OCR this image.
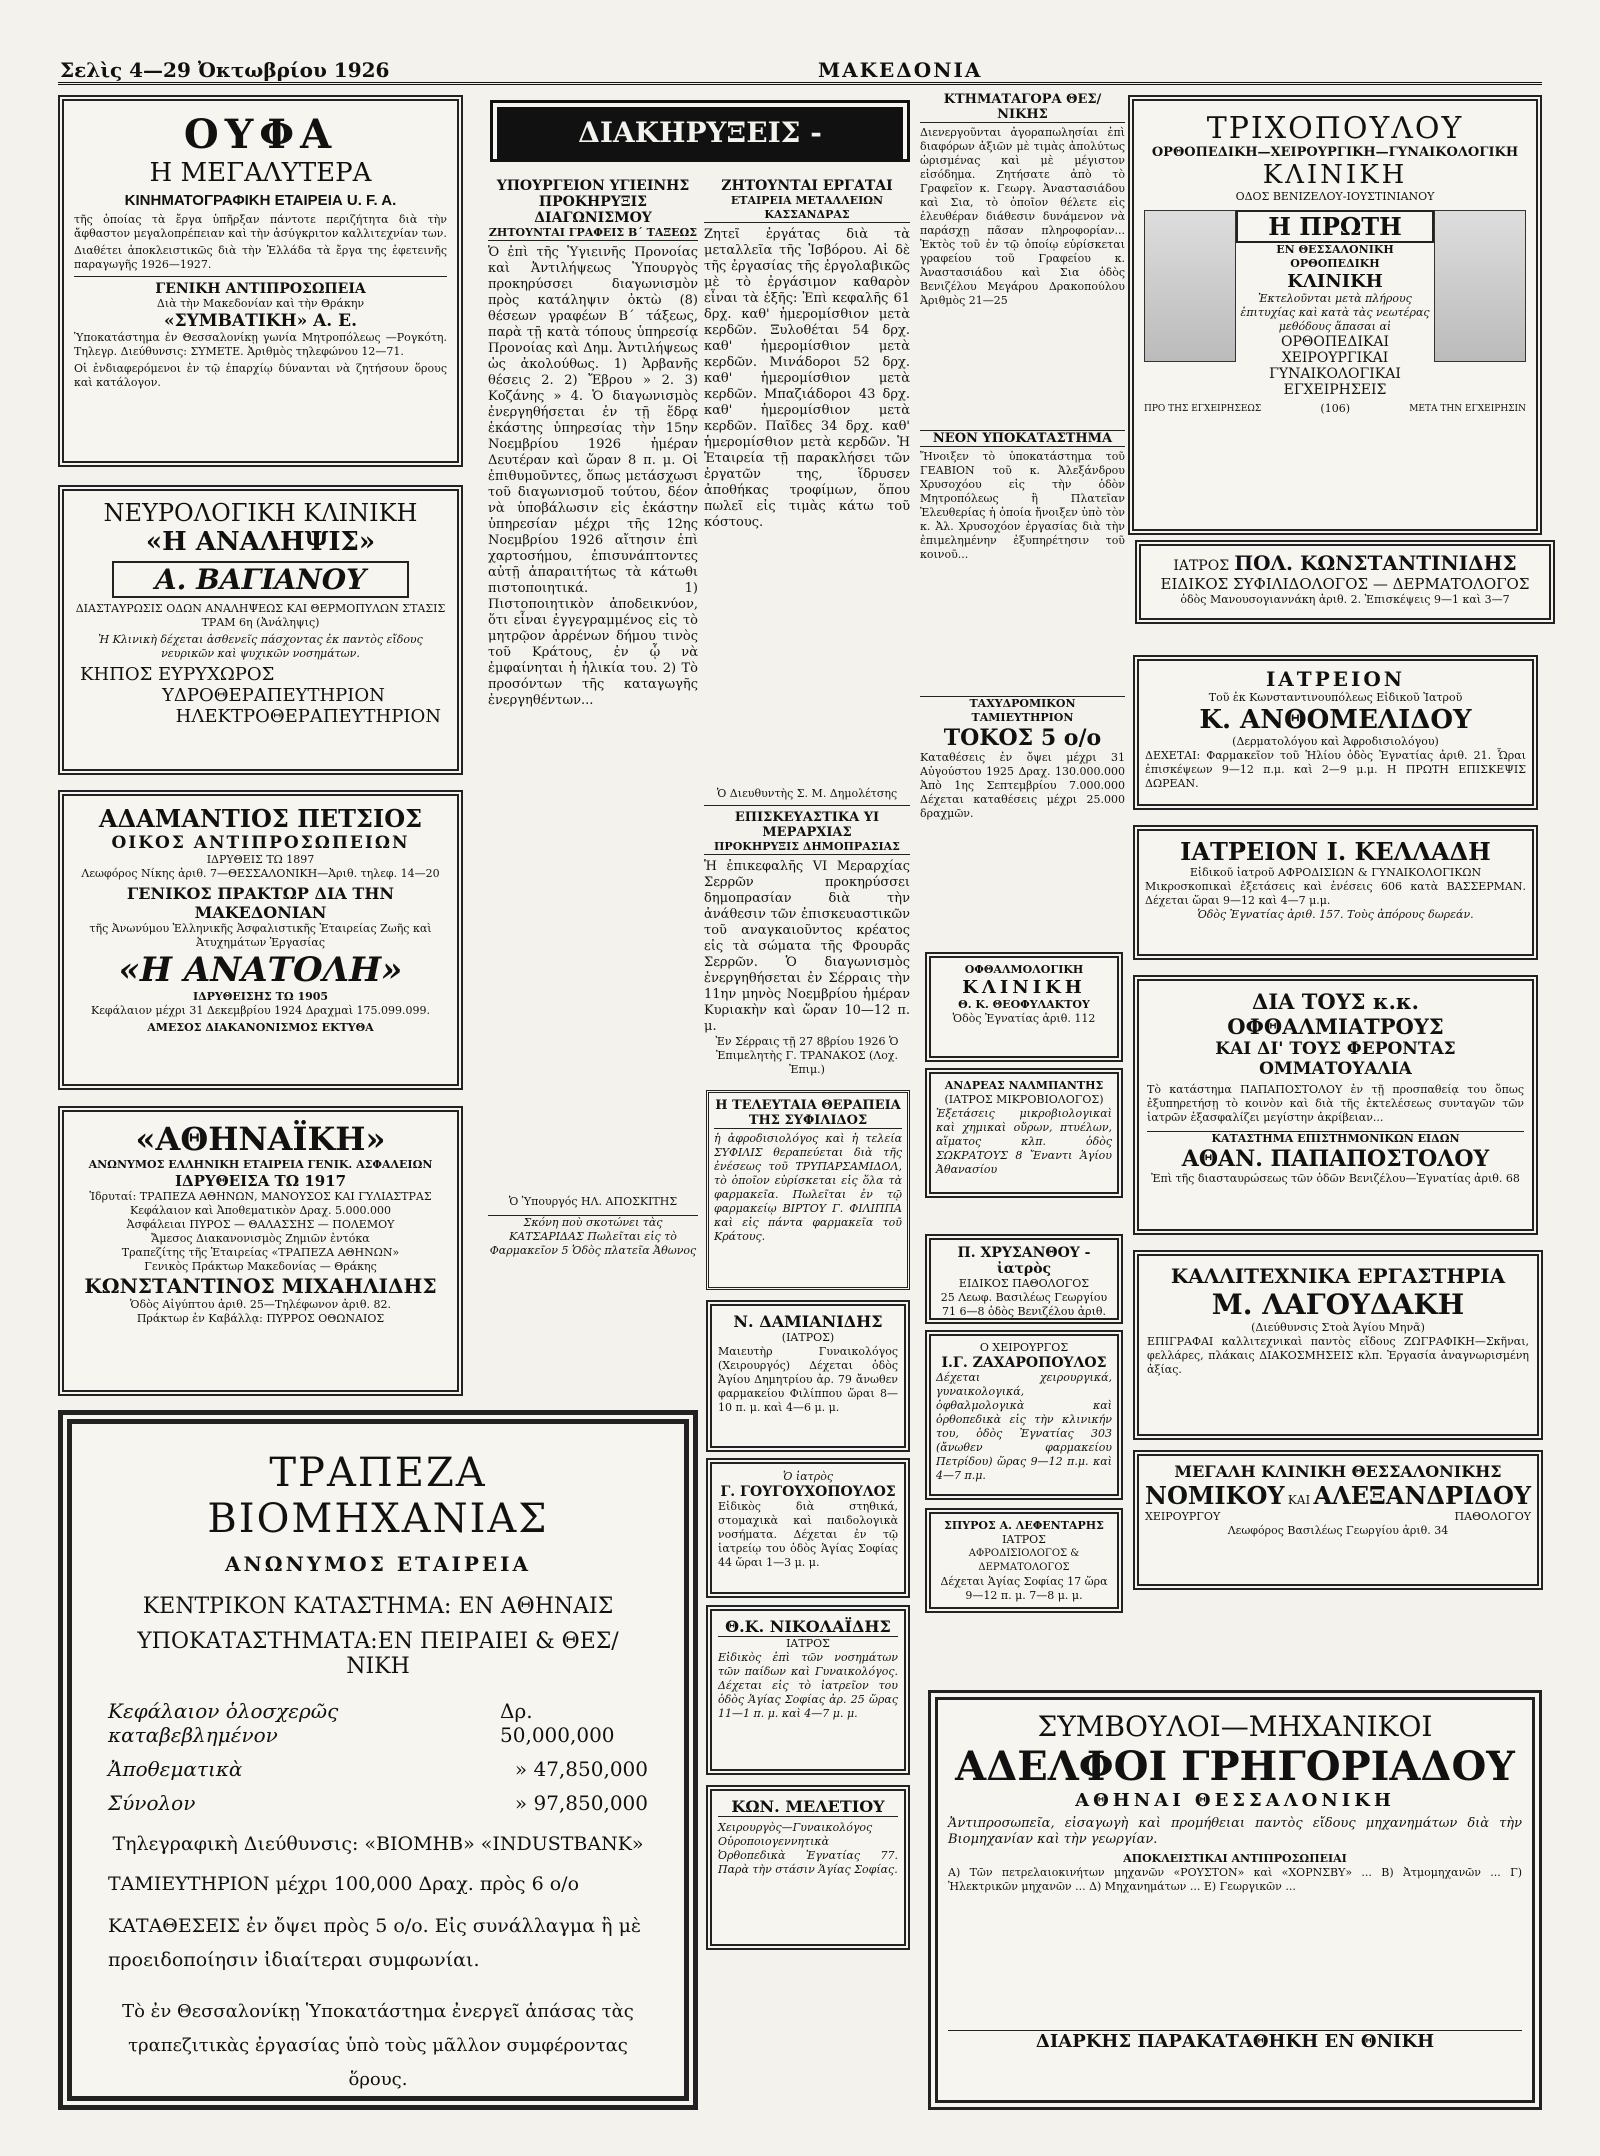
Σελὶς 4—29 Ὀκτωβρίου 1926	ΜΑΚΕΔΟΝΙΑ
ΟΥΦΑ
Η ΜΕΓΑΛΥΤΕΡΑ
ΚΙΝΗΜΑΤΟΓΡΑΦΙΚΗ ΕΤΑΙΡΕΙΑ U. F. A.
τῆς ὁποίας τὰ ἔργα ὑπῆρξαν πάντοτε περιζήτητα διὰ τὴν ἄφθαστον μεγαλοπρέπειαν καὶ τὴν ἀσύγκριτον καλλιτεχνίαν των.
Διαθέτει ἀποκλειστικῶς διὰ τὴν Ἑλλάδα τὰ ἔργα της ἐφετεινῆς παραγωγῆς 1926—1927.
ΓΕΝΙΚΗ ΑΝΤΙΠΡΟΣΩΠΕΙΑ
Διὰ τὴν Μακεδονίαν καὶ τὴν Θράκην
«ΣΥΜΒΑΤΙΚΗ» Α. Ε.
Ὑποκατάστημα ἐν Θεσσαλονίκῃ γωνία Μητροπόλεως —Ρογκότη. Τηλεγρ. Διεύθυνσις: ΣΥΜΕΤΕ. Ἀριθμὸς τηλεφώνου 12—71.
Οἱ ἐνδιαφερόμενοι ἐν τῷ ἐπαρχίῳ δύνανται νὰ ζητήσουν ὅρους καὶ κατάλογον.
ΝΕΥΡΟΛΟΓΙΚΗ ΚΛΙΝΙΚΗ
«Η ΑΝΑΛΗΨΙΣ»
Α. ΒΑΓΙΑΝΟΥ
ΔΙΑΣΤΑΥΡΩΣΙΣ ΟΔΩΝ ΑΝΑΛΗΨΕΩΣ ΚΑΙ ΘΕΡΜΟΠΥΛΩΝ ΣΤΑΣΙΣ ΤΡΑΜ 6η (Ἀνάληψις)
Ἡ Κλινικὴ δέχεται ἀσθενεῖς πάσχοντας ἐκ παντὸς εἴδους νευρικῶν καὶ ψυχικῶν νοσημάτων.
ΚΗΠΟΣ ΕΥΡΥΧΩΡΟΣ
ΥΔΡΟΘΕΡΑΠΕΥΤΗΡΙΟΝ
ΗΛΕΚΤΡΟΘΕΡΑΠΕΥΤΗΡΙΟΝ
ΑΔΑΜΑΝΤΙΟΣ ΠΕΤΣΙΟΣ
ΟΙΚΟΣ ΑΝΤΙΠΡΟΣΩΠΕΙΩΝ
ΙΔΡΥΘΕΙΣ ΤΩ 1897
Λεωφόρος Νίκης ἀριθ. 7—ΘΕΣΣΑΛΟΝΙΚΗ—Ἀριθ. τηλεφ. 14—20
ΓΕΝΙΚΟΣ ΠΡΑΚΤΩΡ ΔΙΑ ΤΗΝ ΜΑΚΕΔΟΝΙΑΝ
τῆς Ἀνωνύμου Ἑλληνικῆς Ἀσφαλιστικῆς Ἑταιρείας Ζωῆς καὶ Ἀτυχημάτων Ἐργασίας
«Η ΑΝΑΤΟΛΗ»
ΙΔΡΥΘΕΙΣΗΣ ΤΩ 1905
Κεφάλαιον μέχρι 31 Δεκεμβρίου 1924 Δραχμαὶ 175.099.099.
ΑΜΕΣΟΣ ΔΙΑΚΑΝΟΝΙΣΜΟΣ ΕΚΤΥΘΑ
«ΑΘΗΝΑΪΚΗ»
ΑΝΩΝΥΜΟΣ ΕΛΛΗΝΙΚΗ ΕΤΑΙΡΕΙΑ ΓΕΝΙΚ. ΑΣΦΑΛΕΙΩΝ
ΙΔΡΥΘΕΙΣΑ ΤΩ 1917
Ἱδρυταί: ΤΡΑΠΕΖΑ ΑΘΗΝΩΝ, ΜΑΝΟΥΣΟΣ ΚΑΙ ΓΥΛΙΑΣΤΡΑΣ
Κεφάλαιον καὶ Ἀποθεματικὸν Δραχ. 5.000.000
Ἀσφάλειαι ΠΥΡΟΣ — ΘΑΛΑΣΣΗΣ — ΠΟΛΕΜΟΥ
Ἄμεσος Διακανονισμὸς Ζημιῶν ἐντόκα
Τραπεζίτης τῆς Ἑταιρείας «ΤΡΑΠΕΖΑ ΑΘΗΝΩΝ»
Γενικὸς Πράκτωρ Μακεδονίας — Θράκης
ΚΩΝΣΤΑΝΤΙΝΟΣ ΜΙΧΑΗΛΙΔΗΣ
Ὁδὸς Αἰγύπτου ἀριθ. 25—Τηλέφωνον ἀριθ. 82.
Πράκτωρ ἐν Καβάλλᾳ: ΠΥΡΡΟΣ ΟΘΩΝΑΙΟΣ
ΤΡΑΠΕΖΑ ΒΙΟΜΗΧΑΝΙΑΣ
ΑΝΩΝΥΜΟΣ ΕΤΑΙΡΕΙΑ
ΚΕΝΤΡΙΚΟΝ ΚΑΤΑΣΤΗΜΑ: ΕΝ ΑΘΗΝΑΙΣ
ΥΠΟΚΑΤΑΣΤΗΜΑΤΑ:ΕΝ ΠΕΙΡΑΙΕΙ & ΘΕΣ/ΝΙΚΗ
Κεφάλαιον ὁλοσχερῶς καταβεβλημένον
Δρ. 50,000,000
Ἀποθεματικὰ	» 47,850,000
Σύνολον	» 97,850,000
Τηλεγραφικὴ Διεύθυνσις: «ΒΙΟΜΗΒ» «INDUSTBANK»
ΤΑΜΙΕΥΤΗΡΙΟΝ μέχρι 100,000 Δραχ. πρὸς 6 ο/ο
ΚΑΤΑΘΕΣΕΙΣ ἐν ὄψει πρὸς 5 ο/ο. Εἰς συνάλλαγμα ἢ μὲ προειδοποίησιν ἰδιαίτεραι συμφωνίαι.
Τὸ ἐν Θεσσαλονίκῃ Ὑποκατάστημα ἐνεργεῖ ἁπάσας τὰς τραπεζιτικὰς ἐργασίας ὑπὸ τοὺς μᾶλλον συμφέροντας ὅρους.
ΔΙΑΚΗΡΥΞΕΙΣ -
ΥΠΟΥΡΓΕΙΟΝ ΥΓΙΕΙΝΗΣ
ΠΡΟΚΗΡΥΞΙΣ ΔΙΑΓΩΝΙΣΜΟΥ
ΖΗΤΟΥΝΤΑΙ ΓΡΑΦΕΙΣ Β΄ ΤΑΞΕΩΣ
Ὁ ἐπὶ τῆς Ὑγιεινῆς Προνοίας καὶ Ἀντιλήψεως Ὑπουργὸς προκηρύσσει διαγωνισμὸν πρὸς κατάληψιν ὀκτὼ (8) θέσεων γραφέων Β΄ τάξεως, παρὰ τῇ κατὰ τόπους ὑπηρεσίᾳ Προνοίας καὶ Δημ. Ἀντιλήψεως ὡς ἀκολούθως. 1) Ἀρβανῆς θέσεις 2. 2) Ἔβρου » 2. 3) Κοζάνης » 4. Ὁ διαγωνισμὸς ἐνεργηθήσεται ἐν τῇ ἕδρᾳ ἑκάστης ὑπηρεσίας τὴν 15ην Νοεμβρίου 1926 ἡμέραν Δευτέραν καὶ ὥραν 8 π. μ. Οἱ ἐπιθυμοῦντες, ὅπως μετάσχωσι τοῦ διαγωνισμοῦ τούτου, δέον νὰ ὑποβάλωσιν εἰς ἑκάστην ὑπηρεσίαν μέχρι τῆς 12ης Νοεμβρίου 1926 αἴτησιν ἐπὶ χαρτοσήμου, ἐπισυνάπτοντες αὐτῇ ἀπαραιτήτως τὰ κάτωθι πιστοποιητικά. 1) Πιστοποιητικὸν ἀποδεικνύον, ὅτι εἶναι ἐγγεγραμμένος εἰς τὸ μητρῷον ἀρρένων δήμου τινὸς τοῦ Κράτους, ἐν ᾧ νὰ ἐμφαίνηται ἡ ἡλικία του. 2) Τὸ προσόντων τῆς καταγωγῆς ἐνεργηθέντων...
Ὁ Ὑπουργός ΗΛ. ΑΠΟΣΚΙΤΗΣ
Σκόνη ποὺ σκοτώνει τὰς ΚΑΤΣΑΡΙΔΑΣ Πωλεῖται εἰς τὸ Φαρμακεῖον 5 Ὁδὸς πλατεῖα Ἀθωνος
ΖΗΤΟΥΝΤΑΙ ΕΡΓΑΤΑΙ
ΕΤΑΙΡΕΙΑ ΜΕΤΑΛΛΕΙΩΝ ΚΑΣΣΑΝΔΡΑΣ
Ζητεῖ ἐργάτας διὰ τὰ μεταλλεῖα τῆς Ἰσβόρου. Αἱ δὲ τῆς ἐργασίας τῆς ἐργολαβικῶς μὲ τὸ ἐργάσιμον καθαρὸν εἶναι τὰ ἑξῆς: Ἐπὶ κεφαλῆς 61 δρχ. καθ' ἡμερομίσθιον μετὰ κερδῶν. Ξυλοθέται 54 δρχ. καθ' ἡμερομίσθιον μετὰ κερδῶν. Μινάδοροι 52 δρχ. καθ' ἡμερομίσθιον μετὰ κερδῶν. Μπαζιάδοροι 43 δρχ. καθ' ἡμερομίσθιον μετὰ κερδῶν. Παῖδες 34 δρχ. καθ' ἡμερομίσθιον μετὰ κερδῶν. Ἡ Ἑταιρεία τῇ παρακλήσει τῶν ἐργατῶν της, ἵδρυσεν ἀποθήκας τροφίμων, ὅπου πωλεῖ εἰς τιμὰς κάτω τοῦ κόστους.
Ὁ Διευθυντὴς Σ. Μ. Δημολέτσης
ΕΠΙΣΚΕΥΑΣΤΙΚΑ ΥΙ ΜΕΡΑΡΧΙΑΣ
ΠΡΟΚΗΡΥΞΙΣ ΔΗΜΟΠΡΑΣΙΑΣ
Ἡ ἐπικεφαλῆς VI Μεραρχίας Σερρῶν προκηρύσσει δημοπρασίαν διὰ τὴν ἀνάθεσιν τῶν ἐπισκευαστικῶν τοῦ αναγκαιοῦντος κρέατος εἰς τὰ σώματα τῆς Φρουρᾶς Σερρῶν. Ὁ διαγωνισμὸς ἐνεργηθήσεται ἐν Σέρραις τὴν 11ην μηνὸς Νοεμβρίου ἡμέραν Κυριακὴν καὶ ὥραν 10—12 π. μ.
Ἐν Σέρραις τῇ 27 8βρίου 1926 Ὁ Ἐπιμελητὴς Γ. ΤΡΑΝΑΚΟΣ (Λοχ. Ἐπιμ.)
Η ΤΕΛΕΥΤΑΙΑ ΘΕΡΑΠΕΙΑ ΤΗΣ ΣΥΦΙΛΙΔΟΣ
ἡ ἀφροδισιολόγος καὶ ἡ τελεία ΣΥΦΙΛΙΣ θεραπεύεται διὰ τῆς ἐνέσεως τοῦ ΤΡΥΠΑΡΣΑΜΙΔΟΛ, τὸ ὁποῖον εὑρίσκεται εἰς ὅλα τὰ φαρμακεῖα. Πωλεῖται ἐν τῷ φαρμακείῳ ΒΙΡΤΟΥ Γ. ΦΙΛΙΠΠΑ καὶ εἰς πάντα φαρμακεῖα τοῦ Κράτους.
Ν. ΔΑΜΙΑΝΙΔΗΣ
(ΙΑΤΡΟΣ)
Μαιευτὴρ Γυναικολόγος (Χειρουργός) Δέχεται ὁδὸς Ἁγίου Δημητρίου ἀρ. 79 ἄνωθεν φαρμακείου Φιλίππου ὥραι 8—10 π. μ. καὶ 4—6 μ. μ.
Ὁ ἰατρὸς
Γ. ΓΟΥΓΟΥΧΟΠΟΥΛΟΣ
Εἰδικὸς διὰ στηθικά, στομαχικὰ καὶ παιδολογικὰ νοσήματα. Δέχεται ἐν τῷ ἰατρείῳ του ὁδὸς Ἁγίας Σοφίας 44 ὥραι 1—3 μ. μ.
Θ.Κ. ΝΙΚΟΛΑΪΔΗΣ
ΙΑΤΡΟΣ
Εἰδικὸς ἐπὶ τῶν νοσημάτων τῶν παίδων καὶ Γυναικολόγος. Δέχεται εἰς τὸ ἰατρεῖον του ὁδὸς Ἁγίας Σοφίας ἀρ. 25 ὥρας 11—1 π. μ. καὶ 4—7 μ. μ.
ΚΩΝ. ΜΕΛΕΤΙΟΥ
Χειρουργὸς—Γυναικολόγος Οὐροποιογεννητικὰ Ὀρθοπεδικὰ Ἐγνατίας 77. Παρὰ τὴν στάσιν Ἁγίας Σοφίας.
ΚΤΗΜΑΤΑΓΟΡΑ ΘΕΣ/ΝΙΚΗΣ
Διενεργοῦνται ἀγοραπωλησίαι ἐπὶ διαφόρων ἀξιῶν μὲ τιμὰς ἀπολύτως ὡρισμένας καὶ μὲ μέγιστον εἰσόδημα. Ζητήσατε ἀπὸ τὸ Γραφεῖον κ. Γεωργ. Ἀναστασιάδου καὶ Σια, τὸ ὁποῖον θέλετε εἰς ἐλευθέραν διάθεσιν δυνάμενον νὰ παράσχῃ πᾶσαν πληροφορίαν... Ἐκτὸς τοῦ ἐν τῷ ὁποίῳ εὑρίσκεται γραφείου τοῦ Γραφείου κ. Ἀναστασιάδου καὶ Σια ὁδὸς Βενιζέλου Μεγάρου Δρακοπούλου Ἀριθμὸς 21—25
ΝΕΟΝ ΥΠΟΚΑΤΑΣΤΗΜΑ
Ἤνοιξεν τὸ ὑποκατάστημα τοῦ ΓΕΑΒΙΟΝ τοῦ κ. Ἀλεξάνδρου Χρυσοχόου εἰς τὴν ὁδὸν Μητροπόλεως ἢ Πλατεῖαν Ἐλευθερίας ἡ ὁποία ἤνοιξεν ὑπὸ τὸν κ. Ἀλ. Χρυσοχόον ἐργασίας διὰ τὴν ἐπιμελημένην ἐξυπηρέτησιν τοῦ κοινοῦ...
ΤΑΧΥΔΡΟΜΙΚΟΝ ΤΑΜΙΕΥΤΗΡΙΟΝ
ΤΟΚΟΣ 5 ο/ο
Καταθέσεις ἐν ὄψει μέχρι 31 Αὐγούστου 1925 Δραχ. 130.000.000 Ἀπὸ 1ης Σεπτεμβρίου 7.000.000 Δέχεται καταθέσεις μέχρι 25.000 δραχμῶν.
ΟΦΘΑΛΜΟΛΟΓΙΚΗ
ΚΛΙΝΙΚΗ
Θ. Κ. ΘΕΟΦΥΛΑΚΤΟΥ
Ὁδὸς Ἐγνατίας ἀριθ. 112
ΑΝΔΡΕΑΣ ΝΑΛΜΠΑΝΤΗΣ
(ΙΑΤΡΟΣ ΜΙΚΡΟΒΙΟΛΟΓΟΣ)
Ἐξετάσεις μικροβιολογικαὶ καὶ χημικαὶ οὔρων, πτυέλων, αἵματος κλπ. ὁδὸς ΣΩΚΡΑΤΟΥΣ 8 Ἔναντι Ἁγίου Ἀθανασίου
Π. ΧΡΥΣΑΝΘΟΥ - ἰατρὸς
ΕΙΔΙΚΟΣ ΠΑΘΟΛΟΓΟΣ
25 Λεωφ. Βασιλέως Γεωργίου 71 6—8 ὁδὸς Βενιζέλου ἀριθ.
Ο ΧΕΙΡΟΥΡΓΟΣ
Ι.Γ. ΖΑΧΑΡΟΠΟΥΛΟΣ
Δέχεται χειρουργικά, γυναικολογικά, ὀφθαλμολογικὰ καὶ ὀρθοπεδικὰ εἰς τὴν κλινικήν του, ὁδὸς Ἐγνατίας 303 (ἄνωθεν φαρμακείου Πετρίδου) ὥρας 9—12 π.μ. καὶ 4—7 π.μ.
ΣΠΥΡΟΣ Α. ΛΕΦΕΝΤΑΡΗΣ
ΙΑΤΡΟΣ
ΑΦΡΟΔΙΣΙΟΛΟΓΟΣ & ΔΕΡΜΑΤΟΛΟΓΟΣ
Δέχεται Ἁγίας Σοφίας 17 ὥρα 9—12 π. μ. 7—8 μ. μ.
ΤΡΙΧΟΠΟΥΛΟΥ
ΟΡΘΟΠΕΔΙΚΗ—ΧΕΙΡΟΥΡΓΙΚΗ—ΓΥΝΑΙΚΟΛΟΓΙΚΗ
ΚΛΙΝΙΚΗ
ΟΔΟΣ ΒΕΝΙΖΕΛΟΥ-ΙΟΥΣΤΙΝΙΑΝΟΥ
Η ΠΡΩΤΗ
ΕΝ ΘΕΣΣΑΛΟΝΙΚΗ ΟΡΘΟΠΕΔΙΚΗ
ΚΛΙΝΙΚΗ
Ἐκτελοῦνται μετὰ πλήρους ἐπιτυχίας καὶ κατὰ τὰς νεωτέρας μεθόδους ἅπασαι αἱ
ΟΡΘΟΠΕΔΙΚΑΙ ΧΕΙΡΟΥΡΓΙΚΑΙ ΓΥΝΑΙΚΟΛΟΓΙΚΑΙ ΕΓΧΕΙΡΗΣΕΙΣ
ΠΡΟ ΤΗΣ ΕΓΧΕΙΡΗΣΕΩΣ	(106)	ΜΕΤΑ ΤΗΝ ΕΓΧΕΙΡΗΣΙΝ
ΙΑΤΡΟΣ ΠΟΛ. ΚΩΝΣΤΑΝΤΙΝΙΔΗΣ
ΕΙΔΙΚΟΣ ΣΥΦΙΛΙΔΟΛΟΓΟΣ — ΔΕΡΜΑΤΟΛΟΓΟΣ
ὁδὸς Μανουσογιαννάκη ἀριθ. 2. Ἐπισκέψεις 9—1 καὶ 3—7
ΙΑΤΡΕΙΟΝ
Τοῦ ἐκ Κωνσταντινουπόλεως Εἰδικοῦ Ἰατροῦ
Κ. ΑΝΘΟΜΕΛΙΔΟΥ
(Δερματολόγου καὶ Ἀφροδισιολόγου)
ΔΕΧΕΤΑΙ: Φαρμακεῖον τοῦ Ἡλίου ὁδὸς Ἐγνατίας ἀριθ. 21. Ὧραι ἐπισκέψεων 9—12 π.μ. καὶ 2—9 μ.μ. Η ΠΡΩΤΗ ΕΠΙΣΚΕΨΙΣ ΔΩΡΕΑΝ.
ΙΑΤΡΕΙΟΝ Ι. ΚΕΛΛΑΔΗ
Εἰδικοῦ ἰατροῦ ΑΦΡΟΔΙΣΙΩΝ & ΓΥΝΑΙΚΟΛΟΓΙΚΩΝ
Μικροσκοπικαὶ ἐξετάσεις καὶ ἐνέσεις 606 κατὰ ΒΑΣΣΕΡΜΑΝ. Δέχεται ὥραι 9—12 καὶ 4—7 μ.μ.
Ὁδὸς Ἐγνατίας ἀριθ. 157. Τοὺς ἀπόρους δωρεάν.
ΔΙΑ ΤΟΥΣ κ.κ. ΟΦΘΑΛΜΙΑΤΡΟΥΣ
ΚΑΙ ΔΙ' ΤΟΥΣ ΦΕΡΟΝΤΑΣ ΟΜΜΑΤΟΥΑΛΙΑ
Τὸ κατάστημα ΠΑΠΑΠΟΣΤΟΛΟΥ ἐν τῇ προσπαθείᾳ του ὅπως ἐξυπηρετήσῃ τὸ κοινὸν καὶ διὰ τῆς ἐκτελέσεως συνταγῶν τῶν ἰατρῶν ἐξασφαλίζει μεγίστην ἀκρίβειαν...
ΚΑΤΑΣΤΗΜΑ ΕΠΙΣΤΗΜΟΝΙΚΩΝ ΕΙΔΩΝ
ΑΘΑΝ. ΠΑΠΑΠΟΣΤΟΛΟΥ
Ἐπὶ τῆς διασταυρώσεως τῶν ὁδῶν Βενιζέλου—Ἐγνατίας ἀριθ. 68
ΚΑΛΛΙΤΕΧΝΙΚΑ ΕΡΓΑΣΤΗΡΙΑ
Μ. ΛΑΓΟΥΔΑΚΗ
(Διεύθυνσις Στοὰ Ἁγίου Μηνᾶ)
ΕΠΙΓΡΑΦΑΙ καλλιτεχνικαὶ παντὸς εἴδους ΖΩΓΡΑΦΙΚΗ—Σκῆναι, φελλάρες, πλάκαις ΔΙΑΚΟΣΜΗΣΕΙΣ κλπ. Ἐργασία ἀναγνωρισμένη ἀξίας.
ΜΕΓΑΛΗ ΚΛΙΝΙΚΗ ΘΕΣΣΑΛΟΝΙΚΗΣ
ΝΟΜΙΚΟΥ ΚΑΙ ΑΛΕΞΑΝΔΡΙΔΟΥ
ΧΕΙΡΟΥΡΓΟΥ	ΠΑΘΟΛΟΓΟΥ
Λεωφόρος Βασιλέως Γεωργίου ἀριθ. 34
ΣΥΜΒΟΥΛΟΙ—ΜΗΧΑΝΙΚΟΙ
ΑΔΕΛΦΟΙ ΓΡΗΓΟΡΙΑΔΟΥ
ΑΘΗΝΑΙ ΘΕΣΣΑΛΟΝΙΚΗ
Ἀντιπροσωπεῖα, εἰσαγωγὴ καὶ προμήθειαι παντὸς εἴδους μηχανημάτων διὰ τὴν Βιομηχανίαν καὶ τὴν γεωργίαν.
ΑΠΟΚΛΕΙΣΤΙΚΑΙ ΑΝΤΙΠΡΟΣΩΠΕΙΑΙ
Α) Τῶν πετρελαιοκινήτων μηχανῶν «ΡΟΥΣΤΟΝ» καὶ «ΧΟΡΝΣΒΥ» ... Β) Ἀτμομηχανῶν ... Γ) Ἠλεκτρικῶν μηχανῶν ... Δ) Μηχανημάτων ... Ε) Γεωργικῶν ...
ΔΙΑΡΚΗΣ ΠΑΡΑΚΑΤΑΘΗΚΗ ΕΝ ΘΝΙΚΗ
